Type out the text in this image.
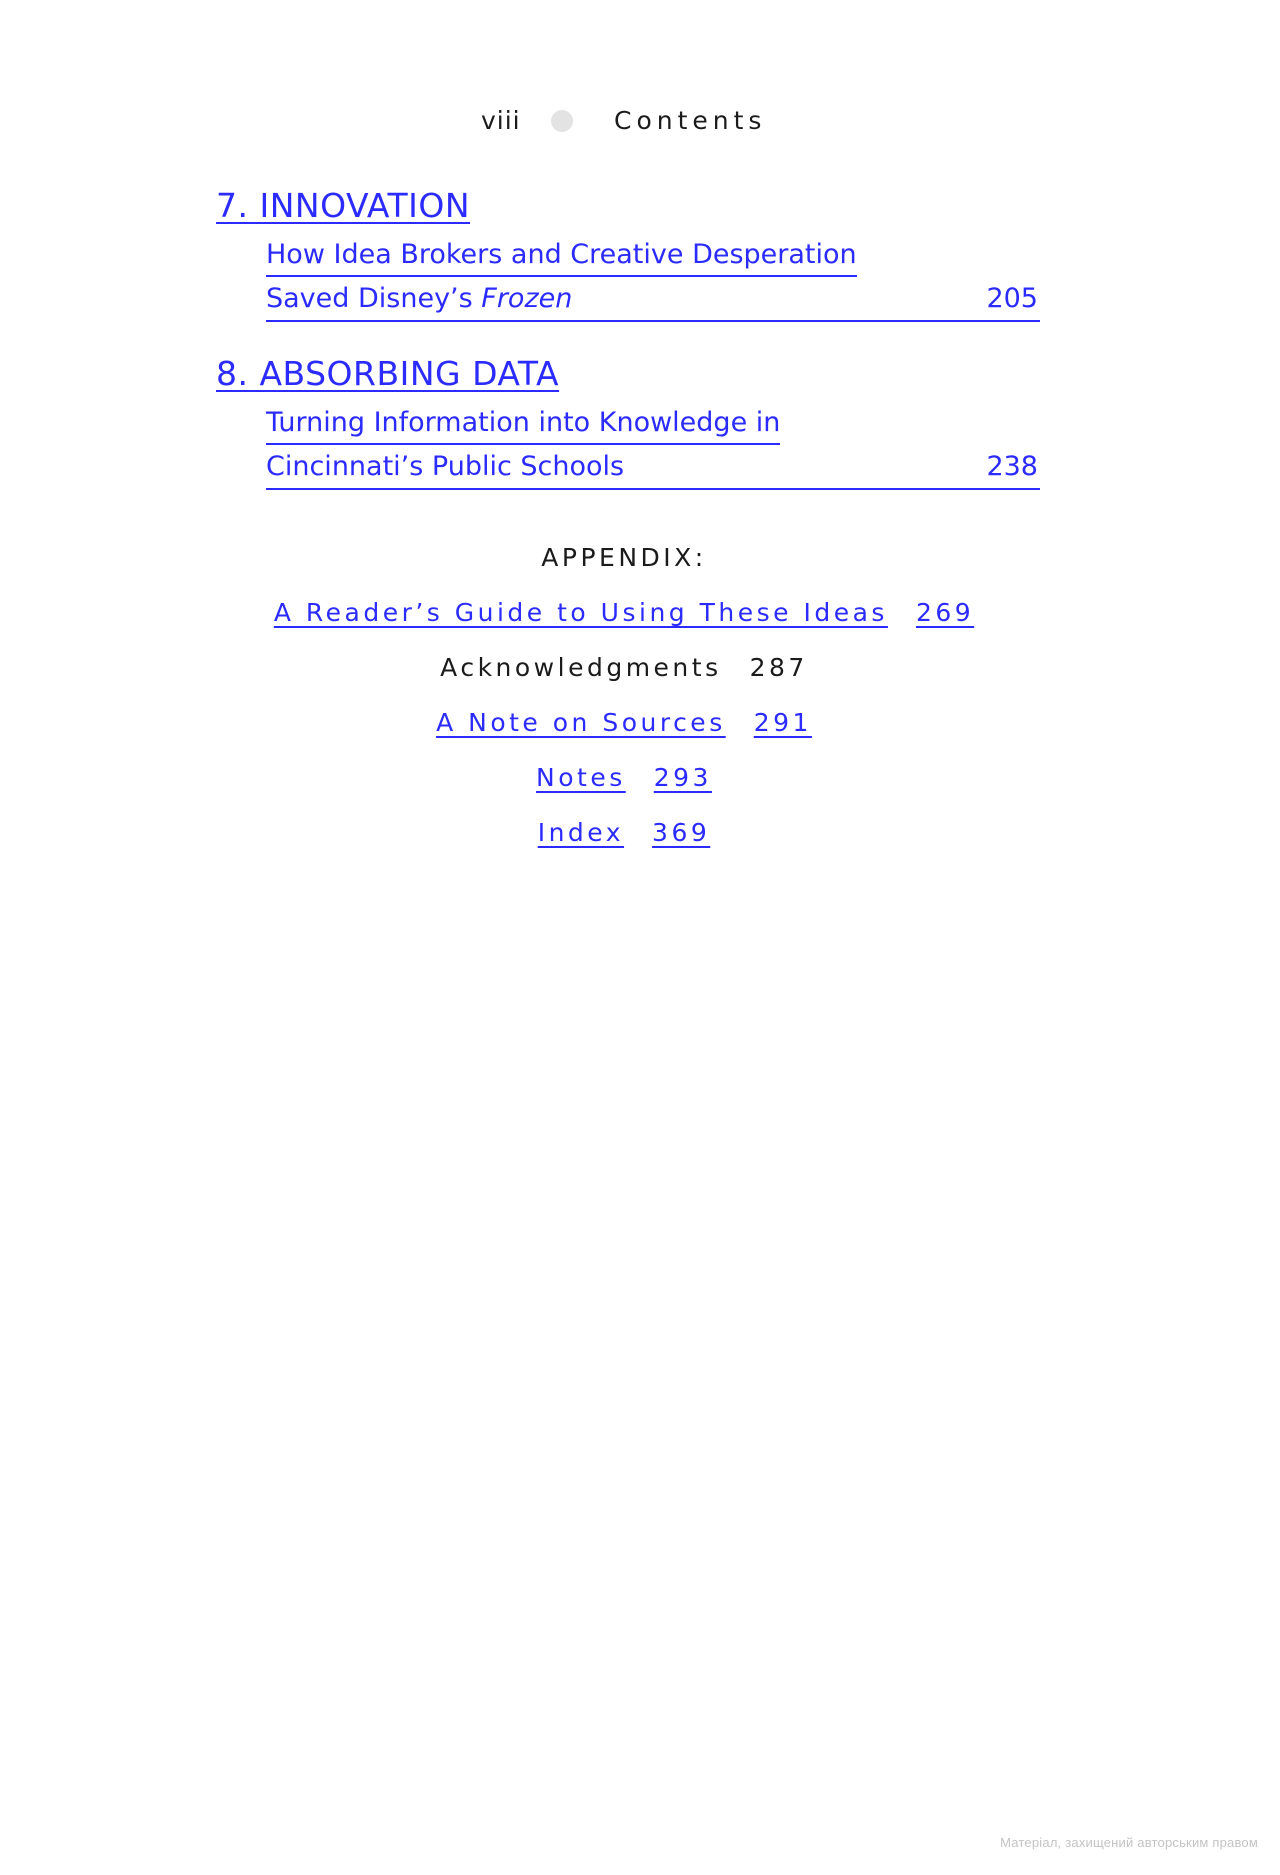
viii	Contents
7. INNOVATION
How Idea Brokers and Creative Desperation
Saved Disney’s Frozen	205
8. ABSORBING DATA
Turning Information into Knowledge in
Cincinnati’s Public Schools	238
APPENDIX:
A Reader’s Guide to Using These Ideas 269
Acknowledgments 287
A Note on Sources 291
Notes 293
Index 369
Матеріал, захищений авторським правом
